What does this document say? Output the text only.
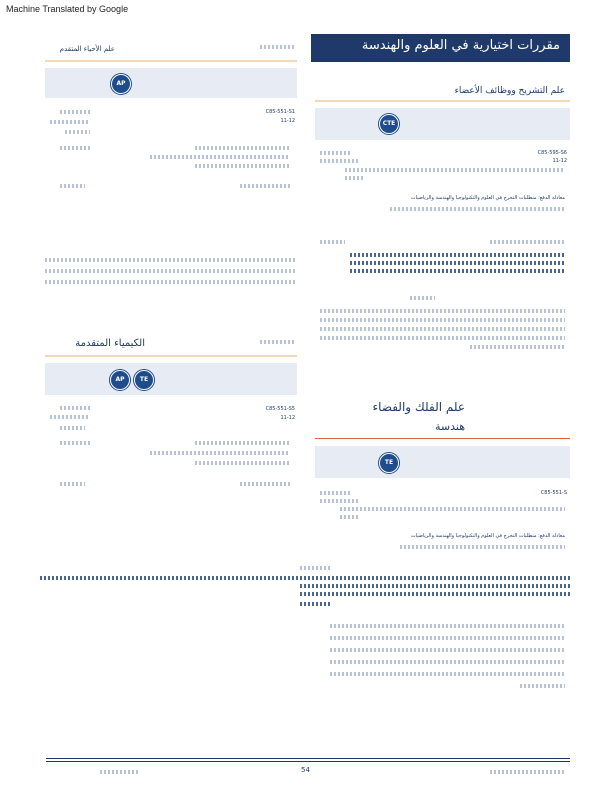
Machine Translated by Google
مقررات اختيارية في العلوم والهندسة
علم التشريح ووظائف الأعضاء
CTE
C85-595-S6
11-12
معادلة الدفع: متطلبات التخرج في العلوم والتكنولوجيا والهندسة والرياضيات
علم الفلك والفضاء
هندسة
TE
C85-551-S
معادلة الدفع: متطلبات التخرج في العلوم والتكنولوجيا والهندسة والرياضيات
علم الأحياء المتقدم
AP
C85-551-S1
11-12
الكيمياء المتقدمة
AP	TE
C85-551-S5
11-12
54
